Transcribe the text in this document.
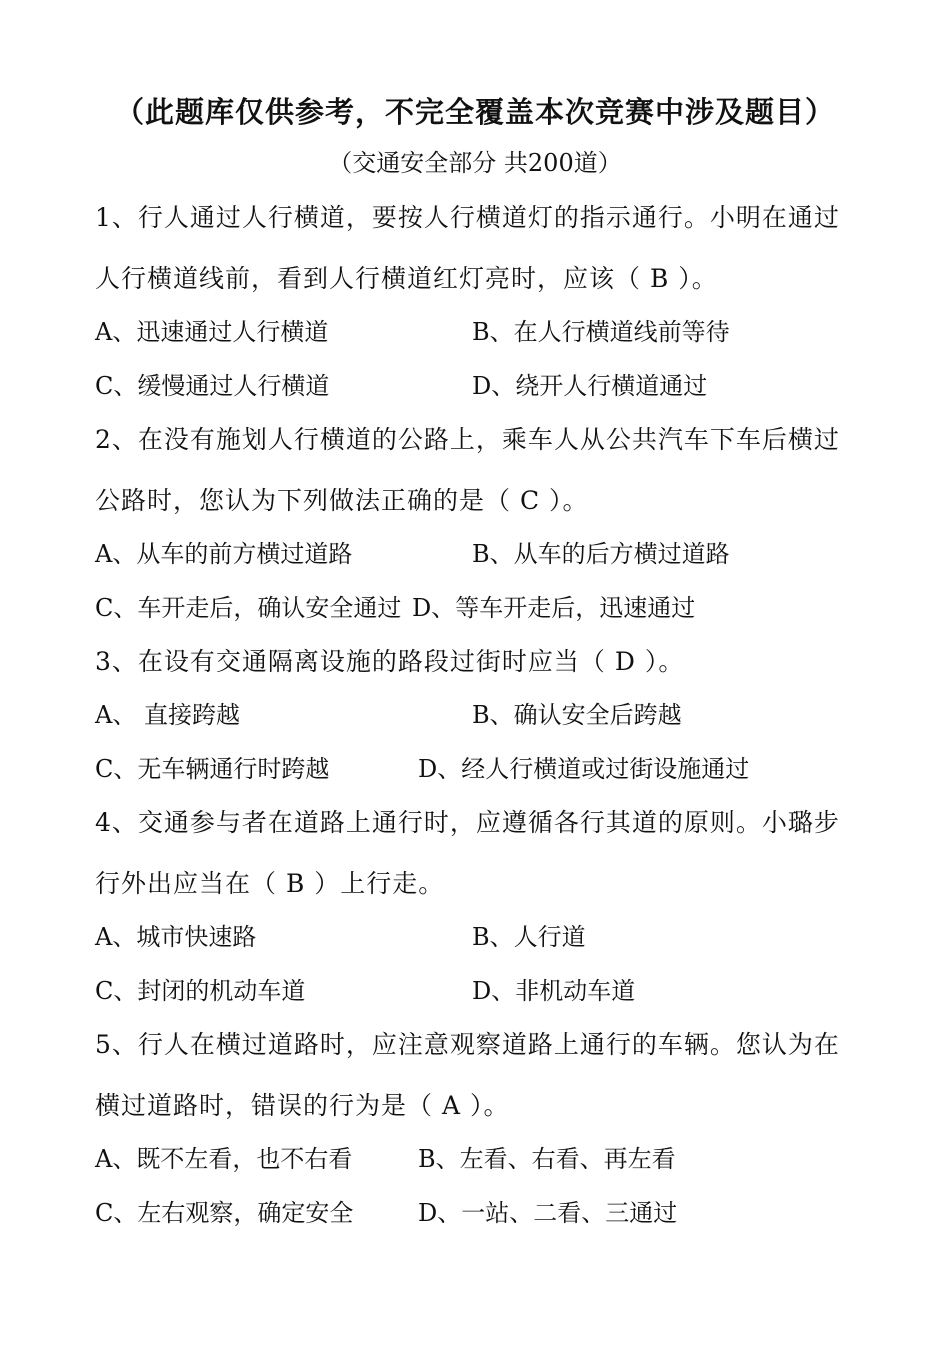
（此题库仅供参考，不完全覆盖本次竞赛中涉及题目）
（交通安全部分 共200道）
1、行人通过人行横道，要按人行横道灯的指示通行。小明在通过
人行横道线前，看到人行横道红灯亮时，应该（ B ）。
A、迅速通过人行横道	B、在人行横道线前等待
C、缓慢通过人行横道	D、绕开人行横道通过
2、在没有施划人行横道的公路上，乘车人从公共汽车下车后横过
公路时，您认为下列做法正确的是（ C ）。
A、从车的前方横过道路	B、从车的后方横过道路
C、车开走后，确认安全通过 D、等车开走后，迅速通过
3、在设有交通隔离设施的路段过街时应当（ D ）。
A、 直接跨越	B、确认安全后跨越
C、无车辆通行时跨越	D、经人行横道或过街设施通过
4、交通参与者在道路上通行时，应遵循各行其道的原则。小璐步
行外出应当在（ B ）上行走。
A、城市快速路	B、人行道
C、封闭的机动车道	D、非机动车道
5、行人在横过道路时，应注意观察道路上通行的车辆。您认为在
横过道路时，错误的行为是（ A ）。
A、既不左看，也不右看	B、左看、右看、再左看
C、左右观察，确定安全	D、一站、二看、三通过
